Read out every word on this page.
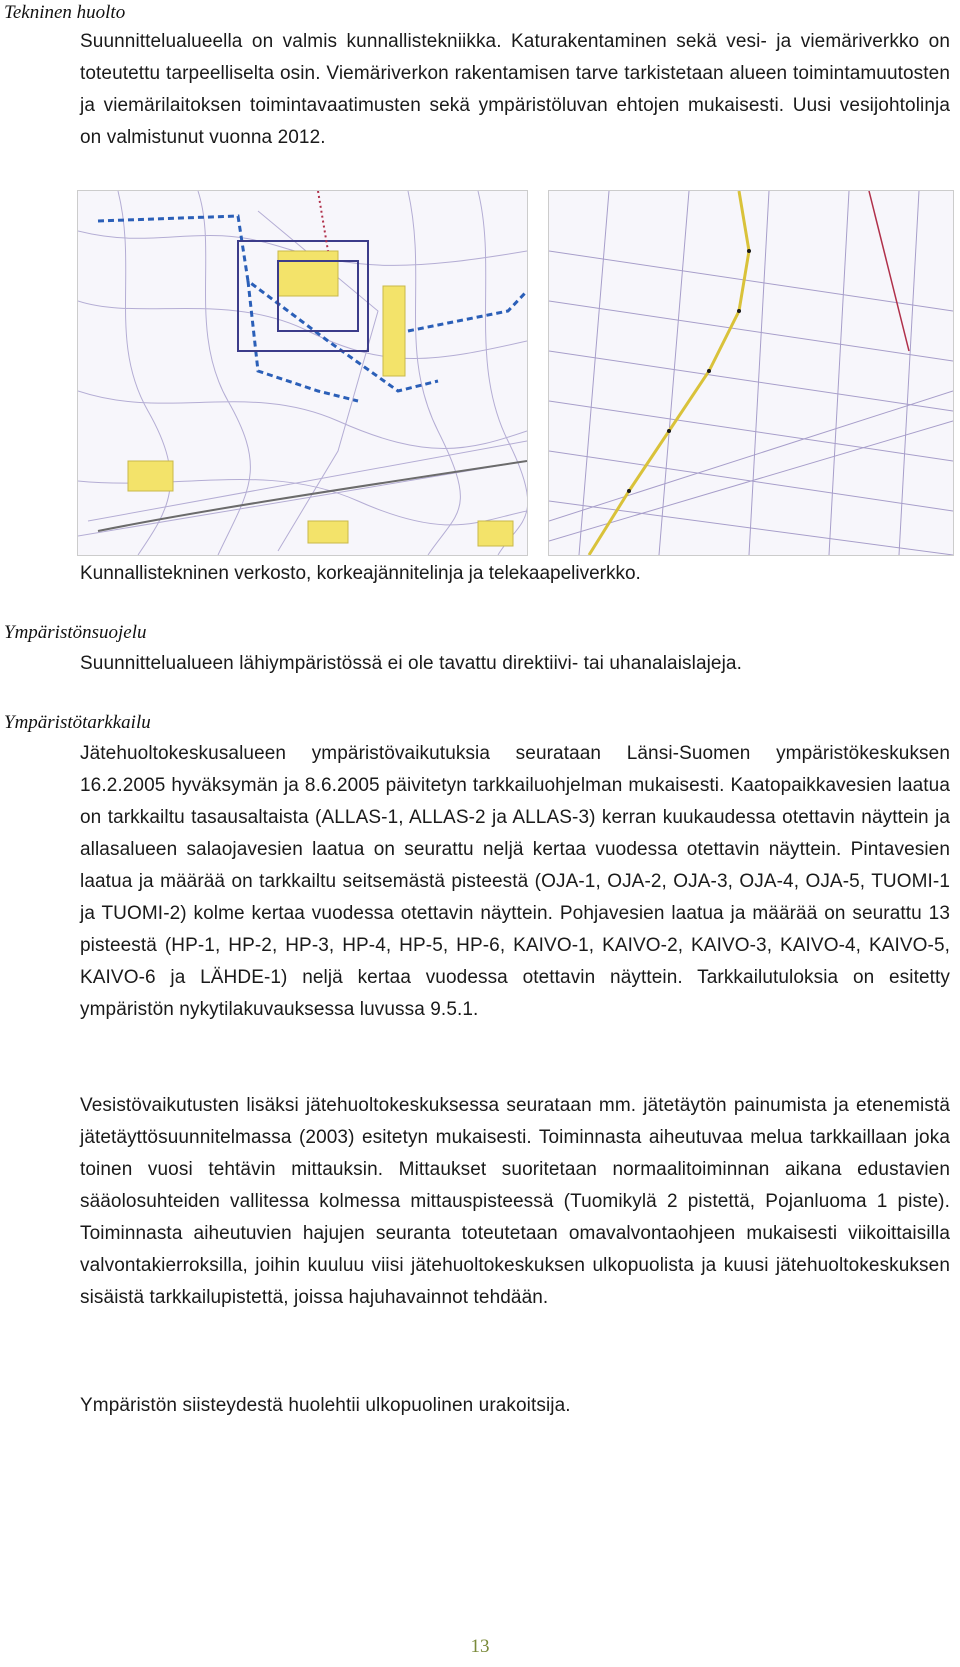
Tekninen huolto
Suunnittelualueella on valmis kunnallistekniikka. Katurakentaminen sekä vesi- ja viemäriverkko on toteutettu tarpeelliselta osin. Viemäriverkon rakentamisen tarve tarkistetaan alueen toimintamuutosten ja viemärilaitoksen toimintavaatimusten sekä ympäristöluvan ehtojen mukaisesti. Uusi vesijohtolinja on valmistunut vuonna 2012.
Kunnallistekninen verkosto, korkeajännitelinja ja telekaapeliverkko.
Ympäristönsuojelu
Suunnittelualueen lähiympäristössä ei ole tavattu direktiivi- tai uhanalaislajeja.
Ympäristötarkkailu
Jätehuoltokeskusalueen ympäristövaikutuksia seurataan Länsi-Suomen ympäristökeskuksen 16.2.2005 hyväksymän ja 8.6.2005 päivitetyn tarkkailuohjelman mukaisesti. Kaatopaikkavesien laatua on tarkkailtu tasausaltaista (ALLAS-1, ALLAS-2 ja ALLAS-3) kerran kuukaudessa otettavin näyttein ja allasalueen salaojavesien laatua on seurattu neljä kertaa vuodessa otettavin näyttein. Pintavesien laatua ja määrää on tarkkailtu seitsemästä pisteestä (OJA-1, OJA-2, OJA-3, OJA-4, OJA-5, TUOMI-1 ja TUOMI-2) kolme kertaa vuodessa otettavin näyttein. Pohjavesien laatua ja määrää on seurattu 13 pisteestä (HP-1, HP-2, HP-3, HP-4, HP-5, HP-6, KAIVO-1, KAIVO-2, KAIVO-3, KAIVO-4, KAIVO-5, KAIVO-6 ja LÄHDE-1) neljä kertaa vuodessa otettavin näyttein. Tarkkailutuloksia on esitetty ympäristön nykytilakuvauksessa luvussa 9.5.1.
Vesistövaikutusten lisäksi jätehuoltokeskuksessa seurataan mm. jätetäytön painumista ja etenemistä jätetäyttösuunnitelmassa (2003) esitetyn mukaisesti. Toiminnasta aiheutuvaa melua tarkkaillaan joka toinen vuosi tehtävin mittauksin. Mittaukset suoritetaan normaalitoiminnan aikana edustavien sääolosuhteiden vallitessa kolmessa mittauspisteessä (Tuomikylä 2 pistettä, Pojanluoma 1 piste). Toiminnasta aiheutuvien hajujen seuranta toteutetaan omavalvontaohjeen mukaisesti viikoittaisilla valvontakierroksilla, joihin kuuluu viisi jätehuoltokeskuksen ulkopuolista ja kuusi jätehuoltokeskuksen sisäistä tarkkailupistettä, joissa hajuhavainnot tehdään.
Ympäristön siisteydestä huolehtii ulkopuolinen urakoitsija.
13
